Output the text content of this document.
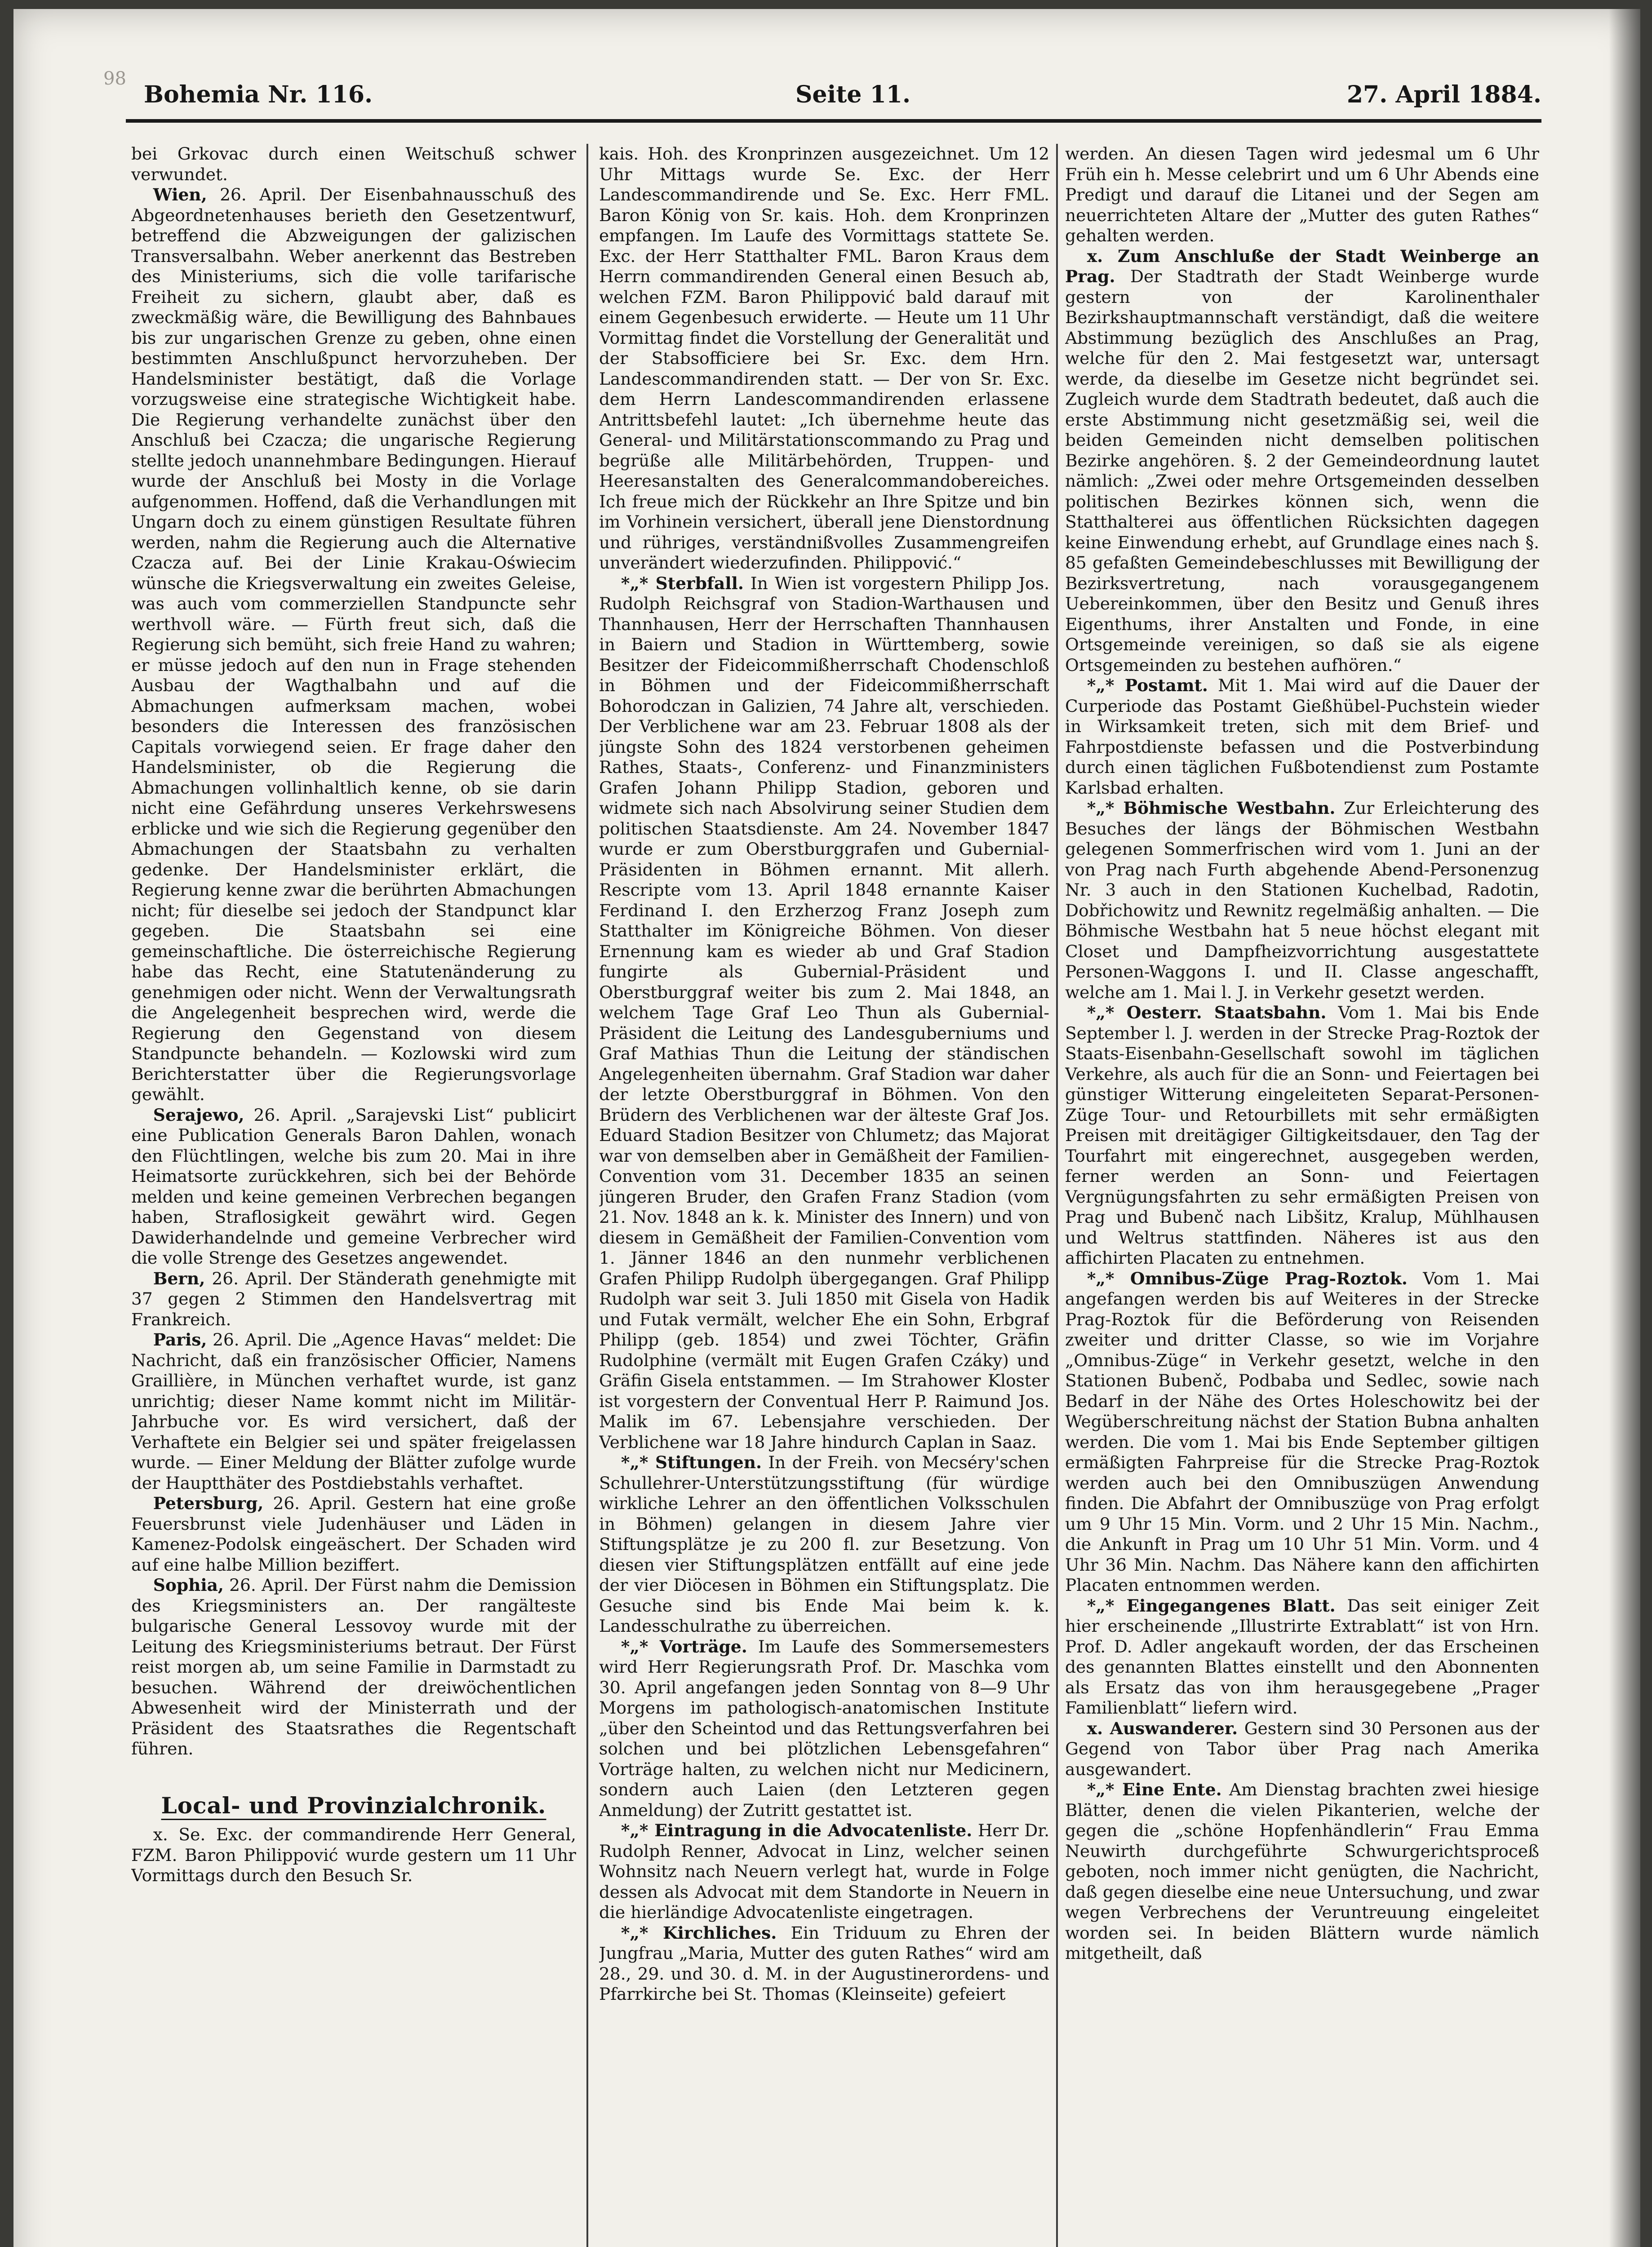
98
Bohemia Nr. 116.	Seite 11.	27. April 1884.

bei Grkovac durch einen Weitschuß schwer verwundet.

Wien, 26. April. Der Eisenbahnausschuß des Abgeordnetenhauses berieth den Gesetzentwurf, betreffend die Abzweigungen der galizischen Transversalbahn. Weber anerkennt das Bestreben des Ministeriums, sich die volle tarifarische Freiheit zu sichern, glaubt aber, daß es zweckmäßig wäre, die Bewilligung des Bahnbaues bis zur ungarischen Grenze zu geben, ohne einen bestimmten Anschlußpunct hervorzuheben. Der Handelsminister bestätigt, daß die Vorlage vorzugsweise eine strategische Wichtigkeit habe. Die Regierung verhandelte zunächst über den Anschluß bei Czacza; die ungarische Regierung stellte jedoch unannehmbare Bedingungen. Hierauf wurde der Anschluß bei Mosty in die Vorlage aufgenommen. Hoffend, daß die Verhandlungen mit Ungarn doch zu einem günstigen Resultate führen werden, nahm die Regierung auch die Alternative Czacza auf. Bei der Linie Krakau-Oświecim wünsche die Kriegsverwaltung ein zweites Geleise, was auch vom commerziellen Standpuncte sehr werthvoll wäre. — Fürth freut sich, daß die Regierung sich bemüht, sich freie Hand zu wahren; er müsse jedoch auf den nun in Frage stehenden Ausbau der Wagthalbahn und auf die Abmachungen aufmerksam machen, wobei besonders die Interessen des französischen Capitals vorwiegend seien. Er frage daher den Handelsminister, ob die Regierung die Abmachungen vollinhaltlich kenne, ob sie darin nicht eine Gefährdung unseres Verkehrswesens erblicke und wie sich die Regierung gegenüber den Abmachungen der Staatsbahn zu verhalten gedenke. Der Handelsminister erklärt, die Regierung kenne zwar die berührten Abmachungen nicht; für dieselbe sei jedoch der Standpunct klar gegeben. Die Staatsbahn sei eine gemeinschaftliche. Die österreichische Regierung habe das Recht, eine Statutenänderung zu genehmigen oder nicht. Wenn der Verwaltungsrath die Angelegenheit besprechen wird, werde die Regierung den Gegenstand von diesem Standpuncte behandeln. — Kozlowski wird zum Berichterstatter über die Regierungsvorlage gewählt.

Serajewo, 26. April. „Sarajevski List“ publicirt eine Publication Generals Baron Dahlen, wonach den Flüchtlingen, welche bis zum 20. Mai in ihre Heimatsorte zurückkehren, sich bei der Behörde melden und keine gemeinen Verbrechen begangen haben, Straflosigkeit gewährt wird. Gegen Dawiderhandelnde und gemeine Verbrecher wird die volle Strenge des Gesetzes angewendet.

Bern, 26. April. Der Ständerath genehmigte mit 37 gegen 2 Stimmen den Handelsvertrag mit Frankreich.

Paris, 26. April. Die „Agence Havas“ meldet: Die Nachricht, daß ein französischer Officier, Namens Graillière, in München verhaftet wurde, ist ganz unrichtig; dieser Name kommt nicht im Militär-Jahrbuche vor. Es wird versichert, daß der Verhaftete ein Belgier sei und später freigelassen wurde. — Einer Meldung der Blätter zufolge wurde der Hauptthäter des Postdiebstahls verhaftet.

Petersburg, 26. April. Gestern hat eine große Feuersbrunst viele Judenhäuser und Läden in Kamenez-Podolsk eingeäschert. Der Schaden wird auf eine halbe Million beziffert.

Sophia, 26. April. Der Fürst nahm die Demission des Kriegsministers an. Der rangälteste bulgarische General Lessovoy wurde mit der Leitung des Kriegsministeriums betraut. Der Fürst reist morgen ab, um seine Familie in Darmstadt zu besuchen. Während der dreiwöchentlichen Abwesenheit wird der Ministerrath und der Präsident des Staatsrathes die Regentschaft führen.

Local- und Provinzialchronik.

x. Se. Exc. der commandirende Herr General, FZM. Baron Philippović wurde gestern um 11 Uhr Vormittags durch den Besuch Sr.

kais. Hoh. des Kronprinzen ausgezeichnet. Um 12 Uhr Mittags wurde Se. Exc. der Herr Landescommandirende und Se. Exc. Herr FML. Baron König von Sr. kais. Hoh. dem Kronprinzen empfangen. Im Laufe des Vormittags stattete Se. Exc. der Herr Statthalter FML. Baron Kraus dem Herrn commandirenden General einen Besuch ab, welchen FZM. Baron Philippović bald darauf mit einem Gegenbesuch erwiderte. — Heute um 11 Uhr Vormittag findet die Vorstellung der Generalität und der Stabsofficiere bei Sr. Exc. dem Hrn. Landescommandirenden statt. — Der von Sr. Exc. dem Herrn Landescommandirenden erlassene Antrittsbefehl lautet: „Ich übernehme heute das General- und Militärstationscommando zu Prag und begrüße alle Militärbehörden, Truppen- und Heeresanstalten des Generalcommandobereiches. Ich freue mich der Rückkehr an Ihre Spitze und bin im Vorhinein versichert, überall jene Dienstordnung und rühriges, verständnißvolles Zusammengreifen unverändert wiederzufinden. Philippović.“

*„* Sterbfall. In Wien ist vorgestern Philipp Jos. Rudolph Reichsgraf von Stadion-Warthausen und Thannhausen, Herr der Herrschaften Thannhausen in Baiern und Stadion in Württemberg, sowie Besitzer der Fideicommißherrschaft Chodenschloß in Böhmen und der Fideicommißherrschaft Bohorodczan in Galizien, 74 Jahre alt, verschieden. Der Verblichene war am 23. Februar 1808 als der jüngste Sohn des 1824 verstorbenen geheimen Rathes, Staats-, Conferenz- und Finanzministers Grafen Johann Philipp Stadion, geboren und widmete sich nach Absolvirung seiner Studien dem politischen Staatsdienste. Am 24. November 1847 wurde er zum Oberstburggrafen und Gubernial-Präsidenten in Böhmen ernannt. Mit allerh. Rescripte vom 13. April 1848 ernannte Kaiser Ferdinand I. den Erzherzog Franz Joseph zum Statthalter im Königreiche Böhmen. Von dieser Ernennung kam es wieder ab und Graf Stadion fungirte als Gubernial-Präsident und Oberstburggraf weiter bis zum 2. Mai 1848, an welchem Tage Graf Leo Thun als Gubernial-Präsident die Leitung des Landesguberniums und Graf Mathias Thun die Leitung der ständischen Angelegenheiten übernahm. Graf Stadion war daher der letzte Oberstburggraf in Böhmen. Von den Brüdern des Verblichenen war der älteste Graf Jos. Eduard Stadion Besitzer von Chlumetz; das Majorat war von demselben aber in Gemäßheit der Familien-Convention vom 31. December 1835 an seinen jüngeren Bruder, den Grafen Franz Stadion (vom 21. Nov. 1848 an k. k. Minister des Innern) und von diesem in Gemäßheit der Familien-Convention vom 1. Jänner 1846 an den nunmehr verblichenen Grafen Philipp Rudolph übergegangen. Graf Philipp Rudolph war seit 3. Juli 1850 mit Gisela von Hadik und Futak vermält, welcher Ehe ein Sohn, Erbgraf Philipp (geb. 1854) und zwei Töchter, Gräfin Rudolphine (vermält mit Eugen Grafen Czáky) und Gräfin Gisela entstammen. — Im Strahower Kloster ist vorgestern der Conventual Herr P. Raimund Jos. Malik im 67. Lebensjahre verschieden. Der Verblichene war 18 Jahre hindurch Caplan in Saaz.

*„* Stiftungen. In der Freih. von Mecséry'schen Schullehrer-Unterstützungsstiftung (für würdige wirkliche Lehrer an den öffentlichen Volksschulen in Böhmen) gelangen in diesem Jahre vier Stiftungsplätze je zu 200 fl. zur Besetzung. Von diesen vier Stiftungsplätzen entfällt auf eine jede der vier Diöcesen in Böhmen ein Stiftungsplatz. Die Gesuche sind bis Ende Mai beim k. k. Landesschulrathe zu überreichen.

*„* Vorträge. Im Laufe des Sommersemesters wird Herr Regierungsrath Prof. Dr. Maschka vom 30. April angefangen jeden Sonntag von 8—9 Uhr Morgens im pathologisch-anatomischen Institute „über den Scheintod und das Rettungsverfahren bei solchen und bei plötzlichen Lebensgefahren“ Vorträge halten, zu welchen nicht nur Medicinern, sondern auch Laien (den Letzteren gegen Anmeldung) der Zutritt gestattet ist.

*„* Eintragung in die Advocatenliste. Herr Dr. Rudolph Renner, Advocat in Linz, welcher seinen Wohnsitz nach Neuern verlegt hat, wurde in Folge dessen als Advocat mit dem Standorte in Neuern in die hierländige Advocatenliste eingetragen.

*„* Kirchliches. Ein Triduum zu Ehren der Jungfrau „Maria, Mutter des guten Rathes“ wird am 28., 29. und 30. d. M. in der Augustinerordens- und Pfarrkirche bei St. Thomas (Kleinseite) gefeiert

werden. An diesen Tagen wird jedesmal um 6 Uhr Früh ein h. Messe celebrirt und um 6 Uhr Abends eine Predigt und darauf die Litanei und der Segen am neuerrichteten Altare der „Mutter des guten Rathes“ gehalten werden.

x. Zum Anschluße der Stadt Weinberge an Prag. Der Stadtrath der Stadt Weinberge wurde gestern von der Karolinenthaler Bezirkshauptmannschaft verständigt, daß die weitere Abstimmung bezüglich des Anschlußes an Prag, welche für den 2. Mai festgesetzt war, untersagt werde, da dieselbe im Gesetze nicht begründet sei. Zugleich wurde dem Stadtrath bedeutet, daß auch die erste Abstimmung nicht gesetzmäßig sei, weil die beiden Gemeinden nicht demselben politischen Bezirke angehören. §. 2 der Gemeindeordnung lautet nämlich: „Zwei oder mehre Ortsgemeinden desselben politischen Bezirkes können sich, wenn die Statthalterei aus öffentlichen Rücksichten dagegen keine Einwendung erhebt, auf Grundlage eines nach §. 85 gefaßten Gemeindebeschlusses mit Bewilligung der Bezirksvertretung, nach vorausgegangenem Uebereinkommen, über den Besitz und Genuß ihres Eigenthums, ihrer Anstalten und Fonde, in eine Ortsgemeinde vereinigen, so daß sie als eigene Ortsgemeinden zu bestehen aufhören.“

*„* Postamt. Mit 1. Mai wird auf die Dauer der Curperiode das Postamt Gießhübel-Puchstein wieder in Wirksamkeit treten, sich mit dem Brief- und Fahrpostdienste befassen und die Postverbindung durch einen täglichen Fußbotendienst zum Postamte Karlsbad erhalten.

*„* Böhmische Westbahn. Zur Erleichterung des Besuches der längs der Böhmischen Westbahn gelegenen Sommerfrischen wird vom 1. Juni an der von Prag nach Furth abgehende Abend-Personenzug Nr. 3 auch in den Stationen Kuchelbad, Radotin, Dobřichowitz und Rewnitz regelmäßig anhalten. — Die Böhmische Westbahn hat 5 neue höchst elegant mit Closet und Dampfheizvorrichtung ausgestattete Personen-Waggons I. und II. Classe angeschafft, welche am 1. Mai l. J. in Verkehr gesetzt werden.

*„* Oesterr. Staatsbahn. Vom 1. Mai bis Ende September l. J. werden in der Strecke Prag-Roztok der Staats-Eisenbahn-Gesellschaft sowohl im täglichen Verkehre, als auch für die an Sonn- und Feiertagen bei günstiger Witterung eingeleiteten Separat-Personen-Züge Tour- und Retourbillets mit sehr ermäßigten Preisen mit dreitägiger Giltigkeitsdauer, den Tag der Tourfahrt mit eingerechnet, ausgegeben werden, ferner werden an Sonn- und Feiertagen Vergnügungsfahrten zu sehr ermäßigten Preisen von Prag und Bubenč nach Libšitz, Kralup, Mühlhausen und Weltrus stattfinden. Näheres ist aus den affichirten Placaten zu entnehmen.

*„* Omnibus-Züge Prag-Roztok. Vom 1. Mai angefangen werden bis auf Weiteres in der Strecke Prag-Roztok für die Beförderung von Reisenden zweiter und dritter Classe, so wie im Vorjahre „Omnibus-Züge“ in Verkehr gesetzt, welche in den Stationen Bubenč, Podbaba und Sedlec, sowie nach Bedarf in der Nähe des Ortes Holeschowitz bei der Wegüberschreitung nächst der Station Bubna anhalten werden. Die vom 1. Mai bis Ende September giltigen ermäßigten Fahrpreise für die Strecke Prag-Roztok werden auch bei den Omnibuszügen Anwendung finden. Die Abfahrt der Omnibuszüge von Prag erfolgt um 9 Uhr 15 Min. Vorm. und 2 Uhr 15 Min. Nachm., die Ankunft in Prag um 10 Uhr 51 Min. Vorm. und 4 Uhr 36 Min. Nachm. Das Nähere kann den affichirten Placaten entnommen werden.

*„* Eingegangenes Blatt. Das seit einiger Zeit hier erscheinende „Illustrirte Extrablatt“ ist von Hrn. Prof. D. Adler angekauft worden, der das Erscheinen des genannten Blattes einstellt und den Abonnenten als Ersatz das von ihm herausgegebene „Prager Familienblatt“ liefern wird.

x. Auswanderer. Gestern sind 30 Personen aus der Gegend von Tabor über Prag nach Amerika ausgewandert.

*„* Eine Ente. Am Dienstag brachten zwei hiesige Blätter, denen die vielen Pikanterien, welche der gegen die „schöne Hopfenhändlerin“ Frau Emma Neuwirth durchgeführte Schwurgerichtsproceß geboten, noch immer nicht genügten, die Nachricht, daß gegen dieselbe eine neue Untersuchung, und zwar wegen Verbrechens der Veruntreuung eingeleitet worden sei. In beiden Blättern wurde nämlich mitgetheilt, daß
